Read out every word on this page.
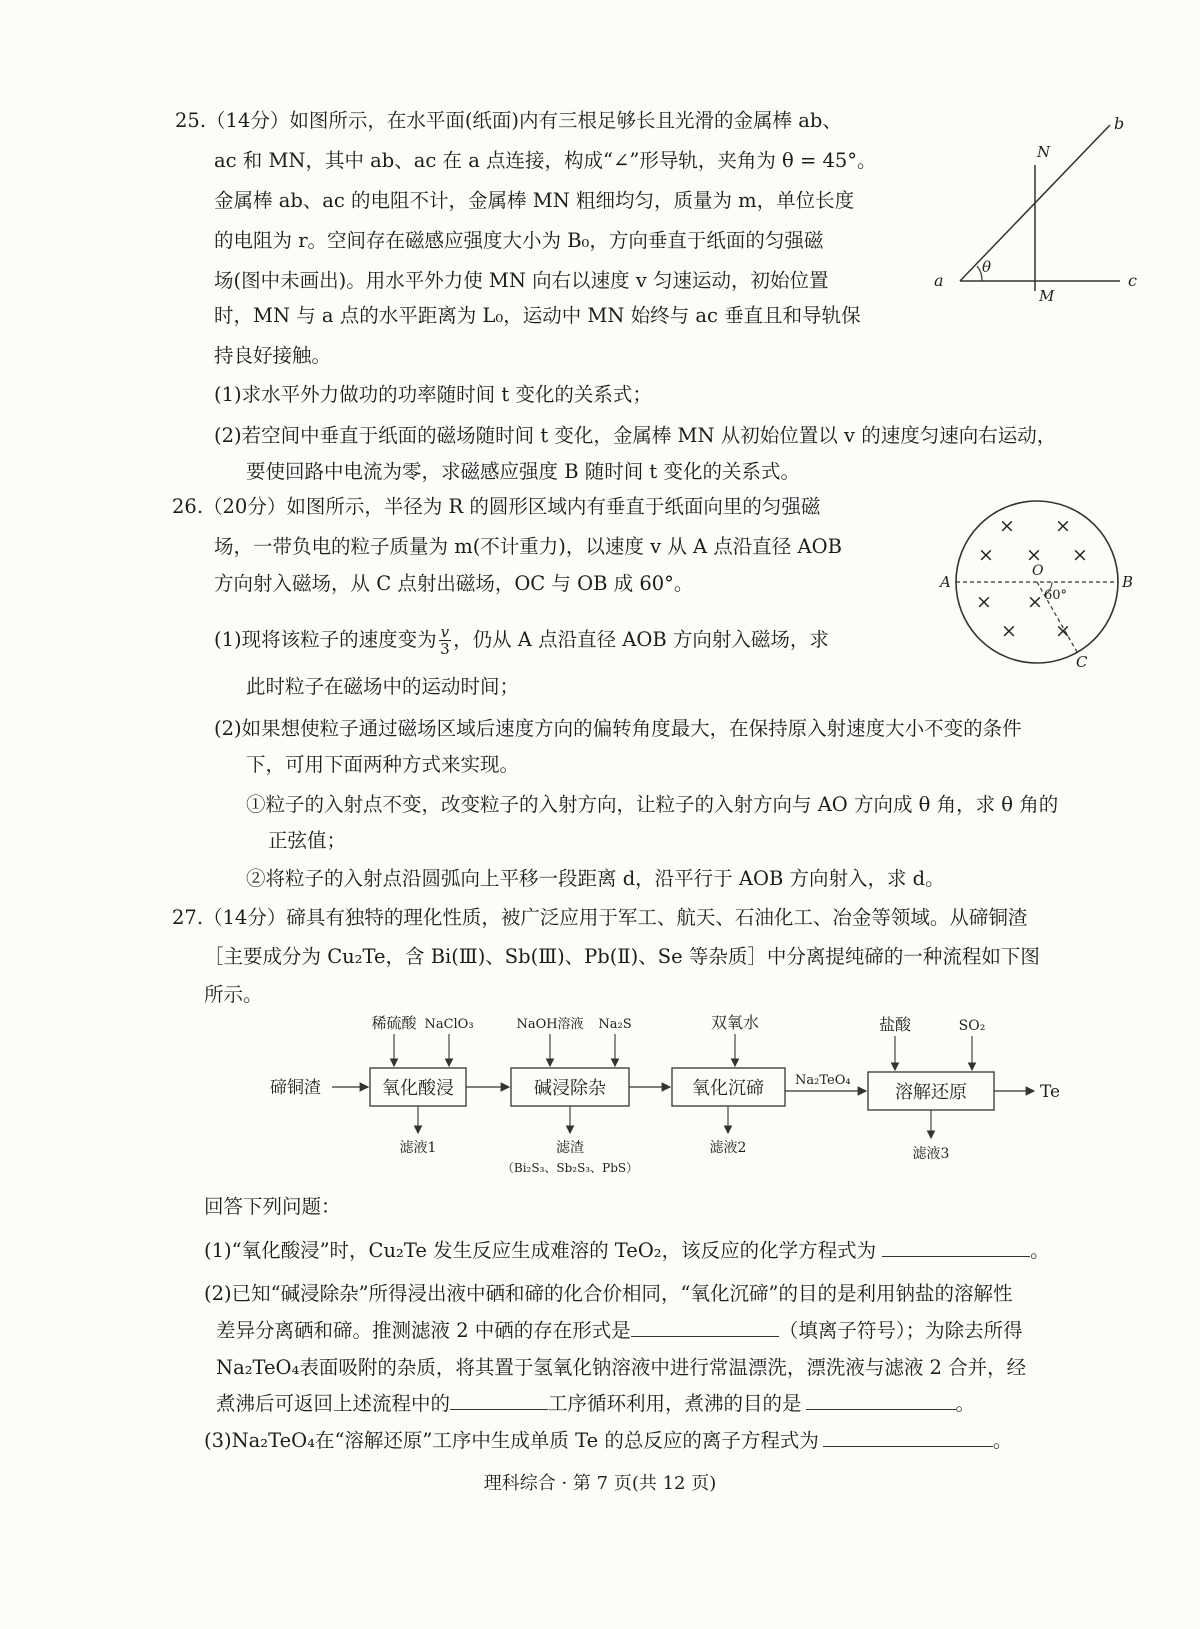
25.（14分）如图所示，在水平面(纸面)内有三根足够长且光滑的金属棒 ab、
ac 和 MN，其中 ab、ac 在 a 点连接，构成“∠”形导轨，夹角为 θ = 45°。
金属棒 ab、ac 的电阻不计，金属棒 MN 粗细均匀，质量为 m，单位长度
的电阻为 r。空间存在磁感应强度大小为 B₀，方向垂直于纸面的匀强磁
场(图中未画出)。用水平外力使 MN 向右以速度 v 匀速运动，初始位置
时，MN 与 a 点的水平距离为 L₀，运动中 MN 始终与 ac 垂直且和导轨保
持良好接触。
(1)求水平外力做功的功率随时间 t 变化的关系式；
(2)若空间中垂直于纸面的磁场随时间 t 变化，金属棒 MN 从初始位置以 v 的速度匀速向右运动，
要使回路中电流为零，求磁感应强度 B 随时间 t 变化的关系式。
b
N
θ
a
M
c
26.（20分）如图所示，半径为 R 的圆形区域内有垂直于纸面向里的匀强磁
场，一带负电的粒子质量为 m(不计重力)，以速度 v 从 A 点沿直径 AOB
方向射入磁场，从 C 点射出磁场，OC 与 OB 成 60°。
(1)现将该粒子的速度变为 $\frac{v}{3}$ ，仍从 A 点沿直径 AOB 方向射入磁场，求
此时粒子在磁场中的运动时间；
(2)如果想使粒子通过磁场区域后速度方向的偏转角度最大，在保持原入射速度大小不变的条件
下，可用下面两种方式来实现。
①粒子的入射点不变，改变粒子的入射方向，让粒子的入射方向与 AO 方向成 θ 角，求 θ 角的
正弦值；
②将粒子的入射点沿圆弧向上平移一段距离 d，沿平行于 AOB 方向射入，求 d。
× ×
× × ×
× ×
× ×
A	B
O
60°
C
27.（14分）碲具有独特的理化性质，被广泛应用于军工、航天、石油化工、冶金等领域。从碲铜渣
［主要成分为 Cu₂Te，含 Bi(Ⅲ)、Sb(Ⅲ)、Pb(Ⅱ)、Se 等杂质］中分离提纯碲的一种流程如下图
所示。
氧化酸浸	碱浸除杂	氧化沉碲	溶解还原
碲铜渣	Na₂TeO₄
Te
稀硫酸 NaClO₃	NaOH溶液 Na₂S	双氧水	盐酸	SO₂
滤液1	滤渣
（Bi₂S₃、Sb₂S₃、PbS）
滤液2	滤液3
回答下列问题：
(1)“氧化酸浸”时，Cu₂Te 发生反应生成难溶的 TeO₂，该反应的化学方程式为	。
(2)已知“碱浸除杂”所得浸出液中硒和碲的化合价相同，“氧化沉碲”的目的是利用钠盐的溶解性
差异分离硒和碲。推测滤液 2 中硒的存在形式是	（填离子符号）；为除去所得
Na₂TeO₄表面吸附的杂质，将其置于氢氧化钠溶液中进行常温漂洗，漂洗液与滤液 2 合并，经
煮沸后可返回上述流程中的	工序循环利用，煮沸的目的是	。
(3)Na₂TeO₄在“溶解还原”工序中生成单质 Te 的总反应的离子方程式为	。
理科综合 · 第 7 页(共 12 页)
